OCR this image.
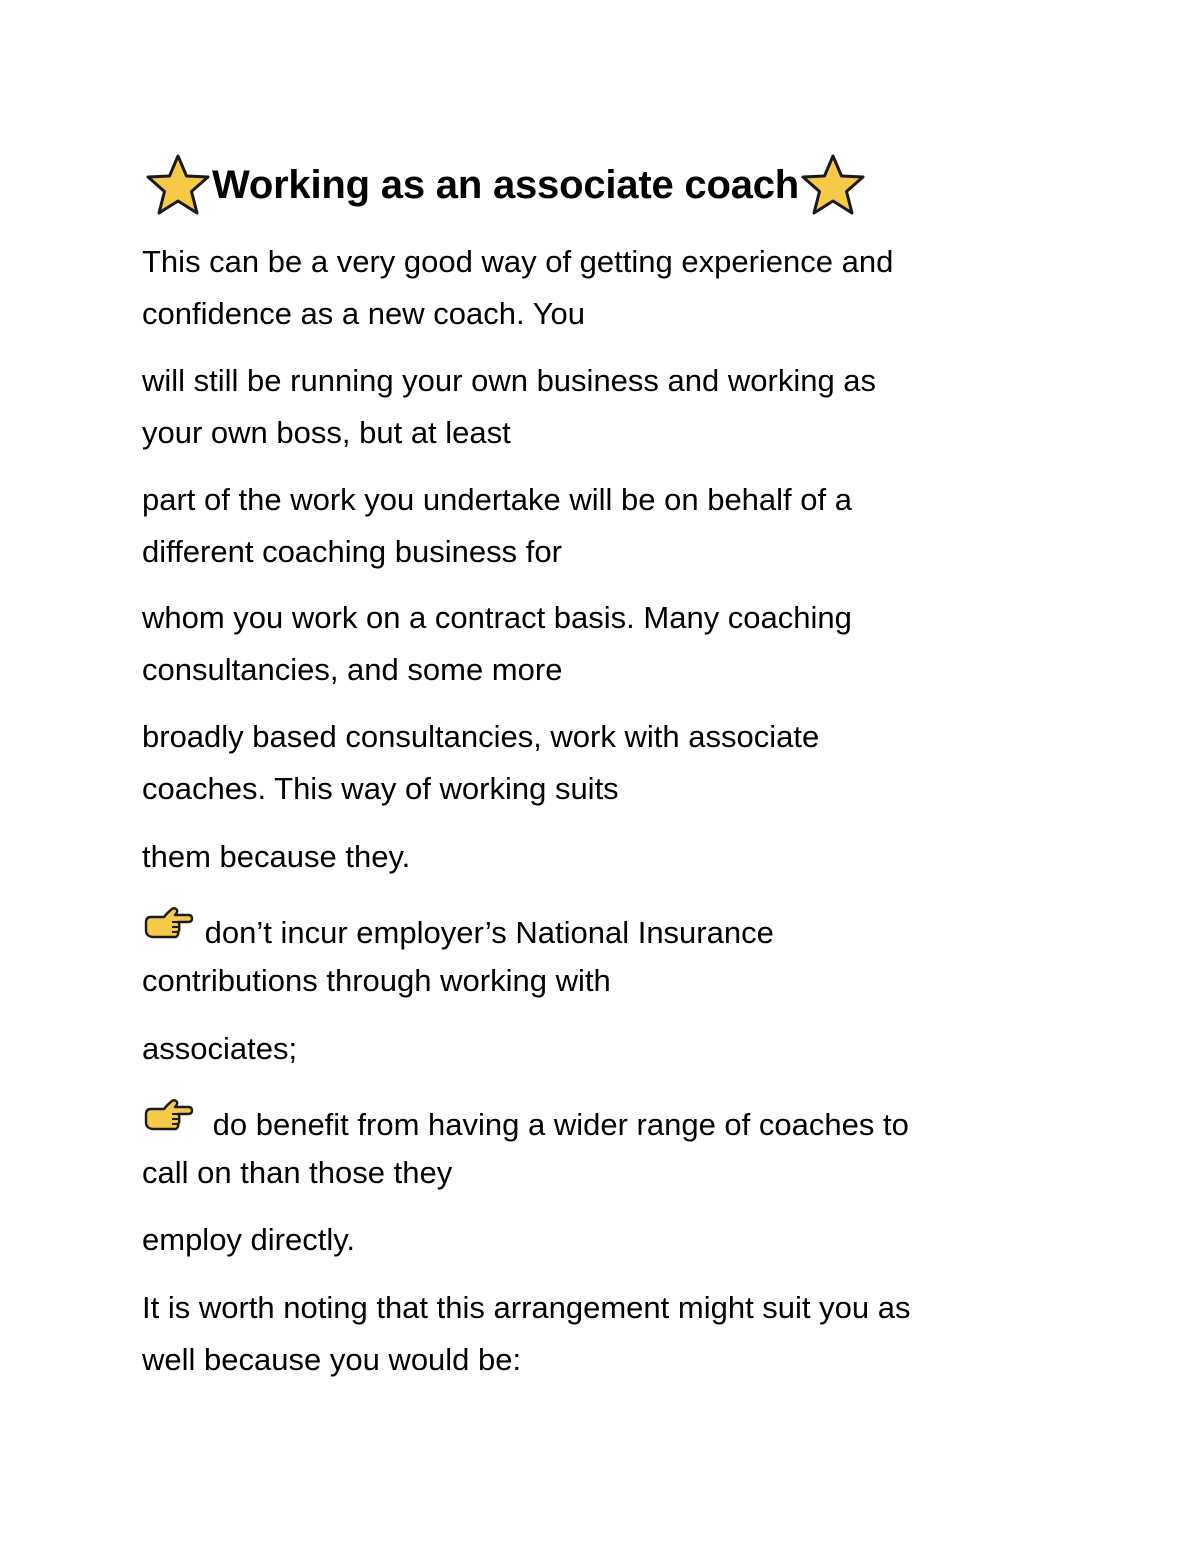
Working as an associate coach
This can be a very good way of getting experience and
confidence as a new coach. You
will still be running your own business and working as
your own boss, but at least
part of the work you undertake will be on behalf of a
different coaching business for
whom you work on a contract basis. Many coaching
consultancies, and some more
broadly based consultancies, work with associate
coaches. This way of working suits
them because they.
don’t incur employer’s National Insurance
contributions through working with
associates;
do benefit from having a wider range of coaches to
call on than those they
employ directly.
It is worth noting that this arrangement might suit you as
well because you would be:
